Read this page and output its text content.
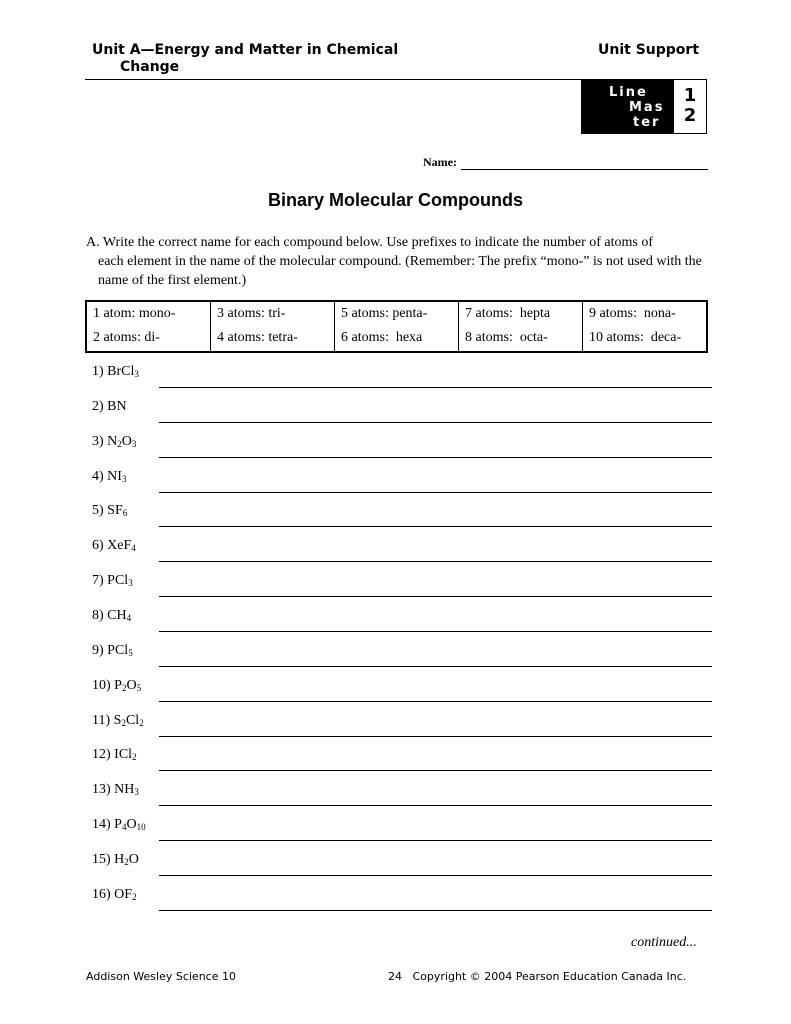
Unit A—Energy and Matter in Chemical
Change
Unit Support
Line
Mas
ter
1
2
Name:
Binary Molecular Compounds
A. Write the correct name for each compound below. Use prefixes to indicate the number of atoms of
each element in the name of the molecular compound. (Remember: The prefix “mono-” is not used with the name of the first element.)
1 atom: mono-
2 atoms: di-
3 atoms: tri-
4 atoms: tetra-
5 atoms: penta-
6 atoms:  hexa
7 atoms:  hepta
8 atoms:  octa-
9 atoms:  nona-
10 atoms:  deca-
1) BrCl$_3$
2) BN
3) $N_2O_3$
4) $NI_3$
5) $SF_6$
6) XeF$_4$
7) PCl$_3$
8) $CH_4$
9) PCl$_5$
10) $P_2O_5$
11) $S_2Cl_2$
12) ICl$_2$
13) $NH_3$
14) $P_4O_{10}$
15) $H_2O$
16) $OF_2$
continued...
Addison Wesley Science 10	24 Copyright © 2004 Pearson Education Canada Inc.
